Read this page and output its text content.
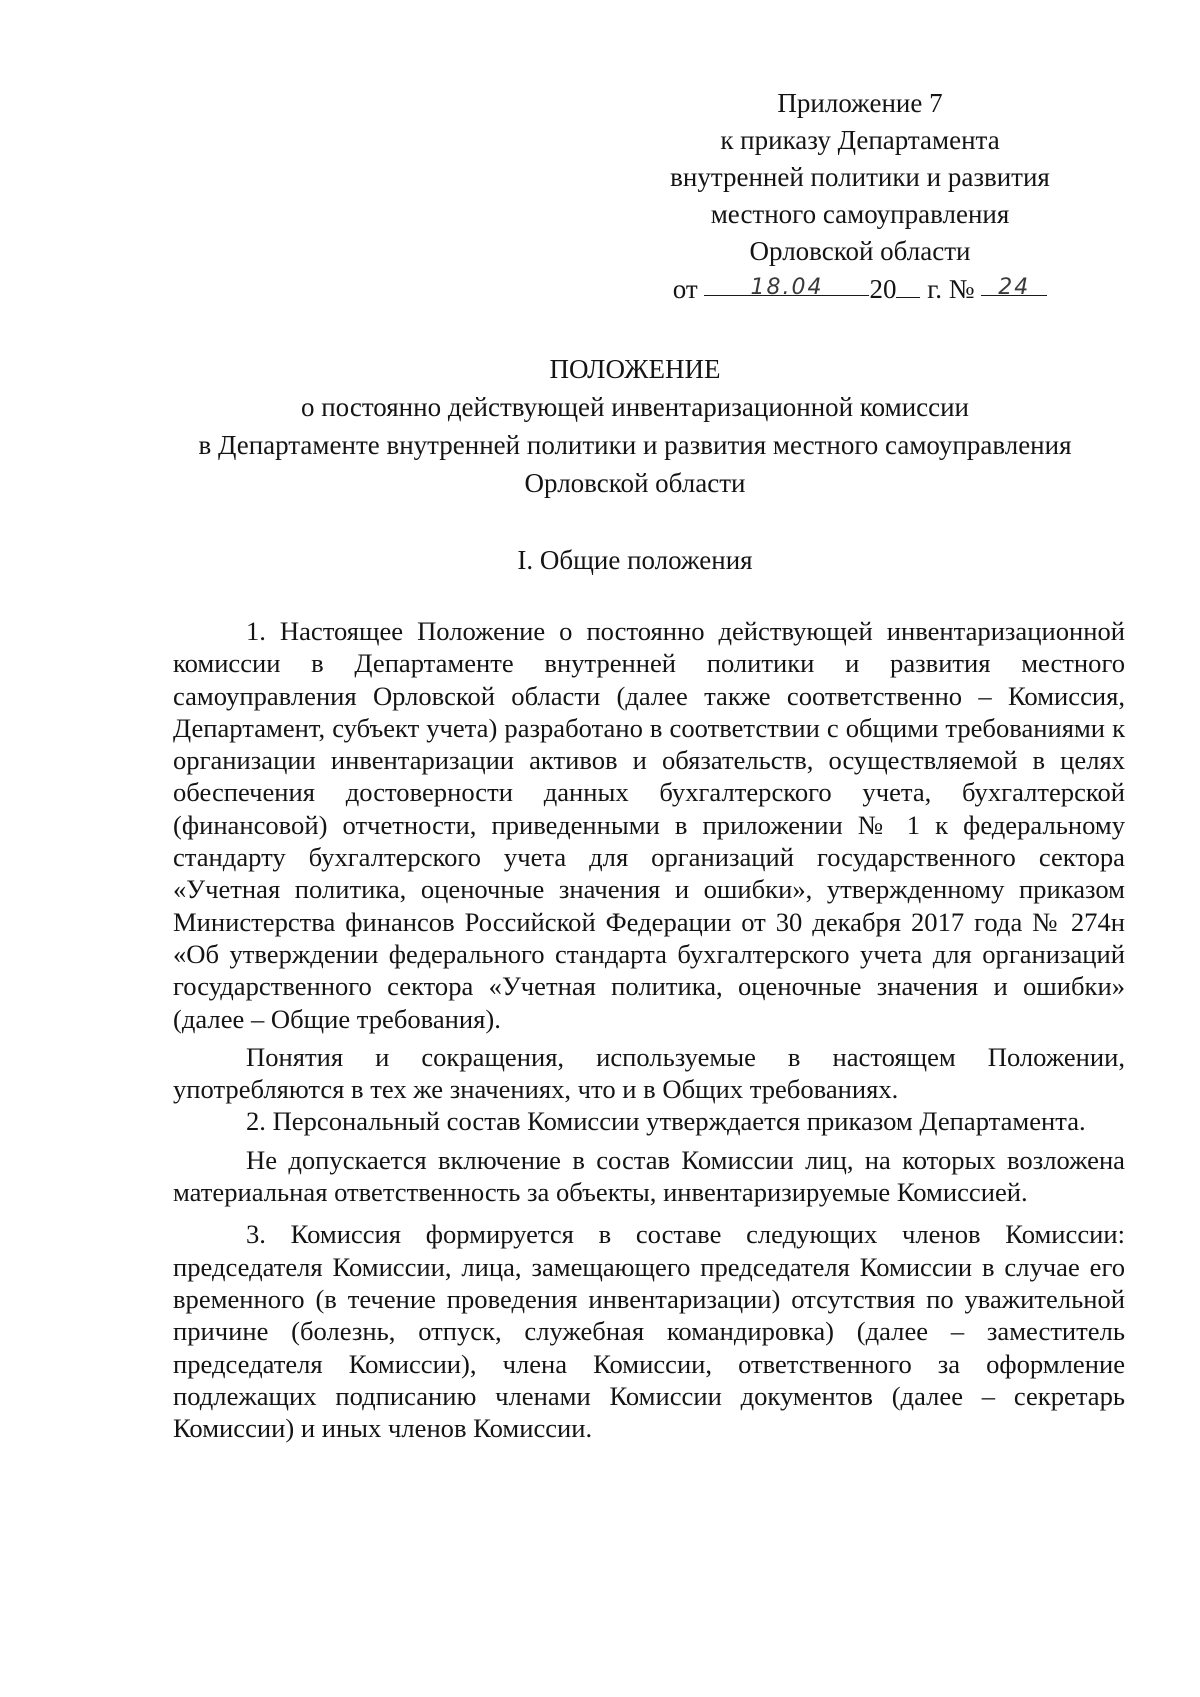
Приложение 7
к приказу Департамента
внутренней политики и развития
местного самоуправления
Орловской области
от 18.04 20 г. № 24
ПОЛОЖЕНИЕ
о постоянно действующей инвентаризационной комиссии
в Департаменте внутренней политики и развития местного самоуправления
Орловской области
I. Общие положения

1. Настоящее Положение о постоянно действующей инвентаризационной комиссии в Департаменте внутренней политики и развития местного самоуправления Орловской области (далее также соответственно – Комиссия, Департамент, субъект учета) разработано в соответствии с общими требованиями к организации инвентаризации активов и обязательств, осуществляемой в целях обеспечения достоверности данных бухгалтерского учета, бухгалтерской (финансовой) отчетности, приведенными в приложении № 1 к федеральному стандарту бухгалтерского учета для организаций государственного сектора «Учетная политика, оценочные значения и ошибки», утвержденному приказом Министерства финансов Российской Федерации от 30 декабря 2017 года № 274н «Об утверждении федерального стандарта бухгалтерского учета для организаций государственного сектора «Учетная политика, оценочные значения и ошибки» (далее – Общие требования).

Понятия и сокращения, используемые в настоящем Положении, употребляются в тех же значениях, что и в Общих требованиях.

2. Персональный состав Комиссии утверждается приказом Департамента.

Не допускается включение в состав Комиссии лиц, на которых возложена материальная ответственность за объекты, инвентаризируемые Комиссией.

3. Комиссия формируется в составе следующих членов Комиссии: председателя Комиссии, лица, замещающего председателя Комиссии в случае его временного (в течение проведения инвентаризации) отсутствия по уважительной причине (болезнь, отпуск, служебная командировка) (далее – заместитель председателя Комиссии), члена Комиссии, ответственного за оформление подлежащих подписанию членами Комиссии документов (далее – секретарь Комиссии) и иных членов Комиссии.
